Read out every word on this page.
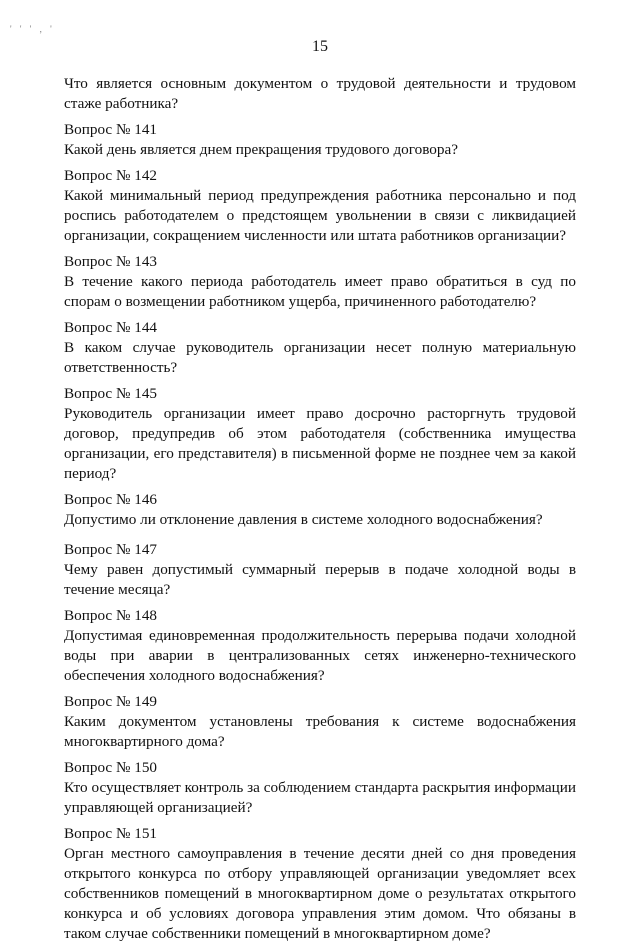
' ' ' , '
15

Что является основным документом о трудовой деятельности и трудовом стаже работника?

Вопрос № 141

Какой день является днем прекращения трудового договора?

Вопрос № 142

Какой минимальный период предупреждения работника персонально и под роспись работодателем о предстоящем увольнении в связи с ликвидацией организации, сокращением численности или штата работников организации?

Вопрос № 143

В течение какого периода работодатель имеет право обратиться в суд по спорам о возмещении работником ущерба, причиненного работодателю?

Вопрос № 144

В каком случае руководитель организации несет полную материальную ответственность?

Вопрос № 145

Руководитель организации имеет право досрочно расторгнуть трудовой договор, предупредив об этом работодателя (собственника имущества организации, его представителя) в письменной форме не позднее чем за какой период?

Вопрос № 146

Допустимо ли отклонение давления в системе холодного водоснабжения?

Вопрос № 147

Чему равен допустимый суммарный перерыв в подаче холодной воды в течение месяца?

Вопрос № 148

Допустимая единовременная продолжительность перерыва подачи холодной воды при аварии в централизованных сетях инженерно-технического обеспечения холодного водоснабжения?

Вопрос № 149

Каким документом установлены требования к системе водоснабжения многоквартирного дома?

Вопрос № 150

Кто осуществляет контроль за соблюдением стандарта раскрытия информации управляющей организацией?

Вопрос № 151

Орган местного самоуправления в течение десяти дней со дня проведения открытого конкурса по отбору управляющей организации уведомляет всех собственников помещений в многоквартирном доме о результатах открытого конкурса и об условиях договора управления этим домом. Что обязаны в таком случае собственники помещений в многоквартирном доме?
